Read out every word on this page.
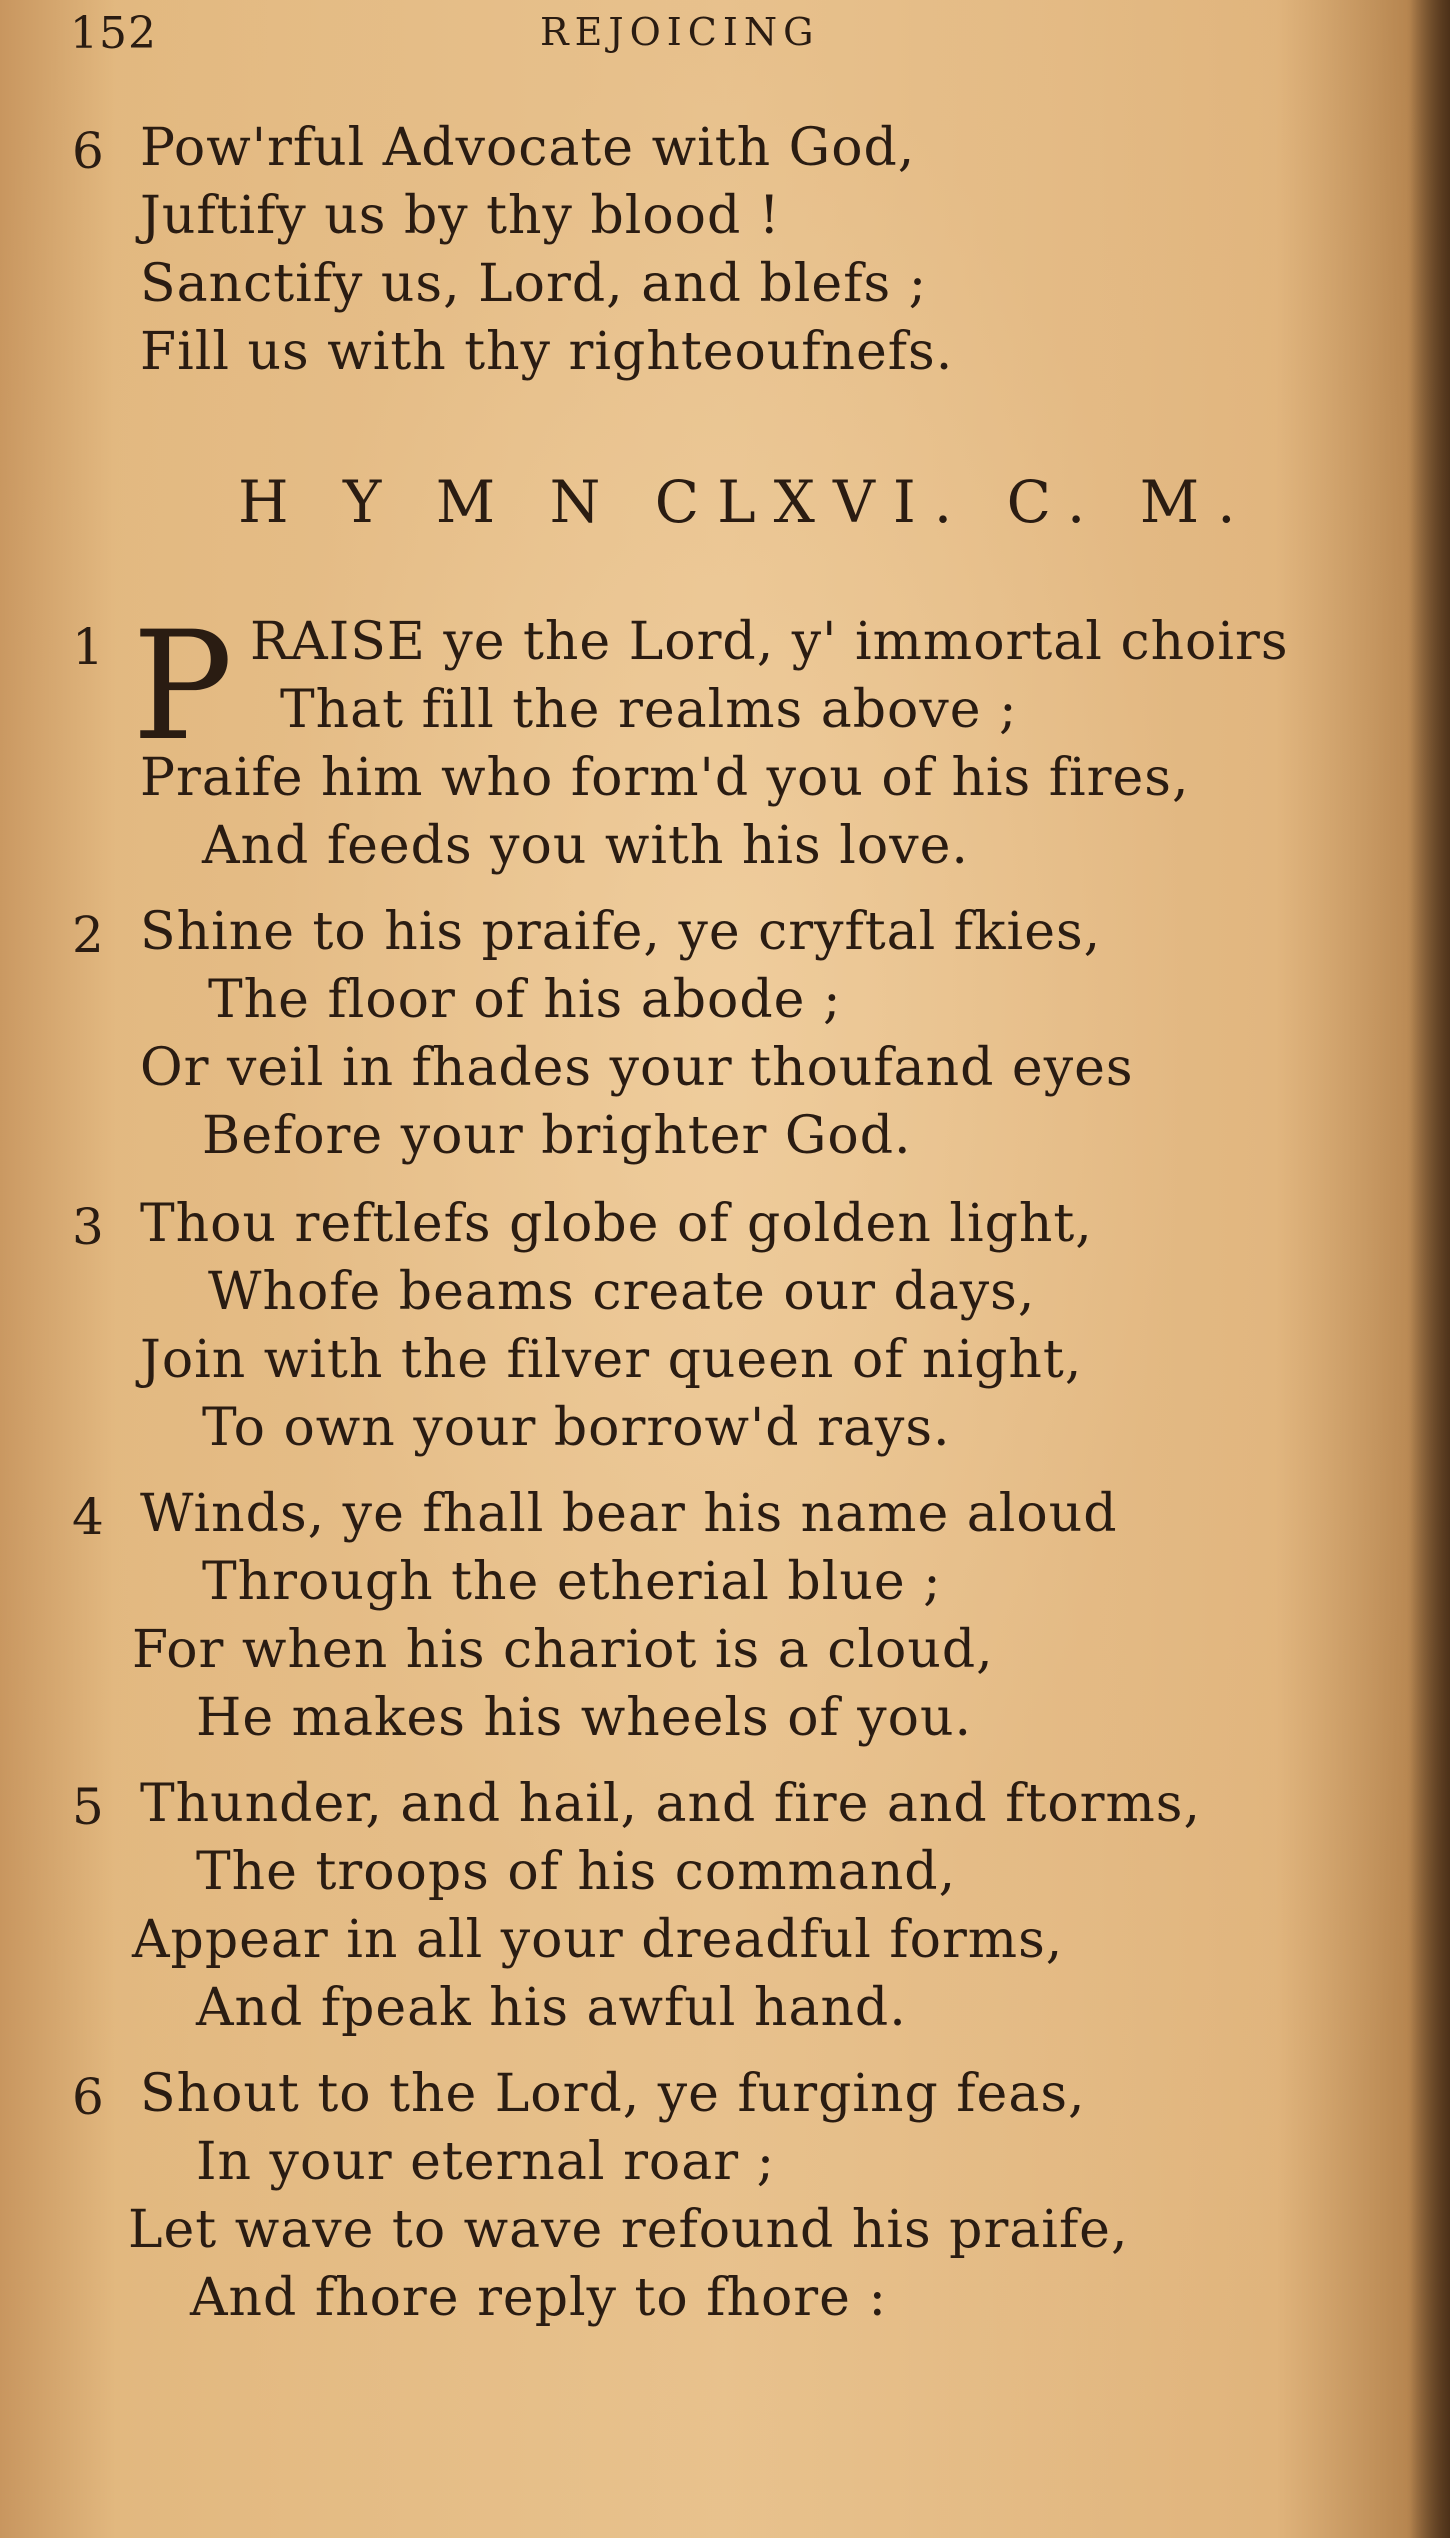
152	REJOICING
6 Pow'rful Advocate with God,
Juftify us by thy blood !
Sanctify us, Lord, and blefs ;
Fill us with thy righteoufnefs.
H Y M N CLXVI. C. M.
1 P RAISE ye the Lord, y' immortal choirs
That fill the realms above ;
Praife him who form'd you of his fires,
And feeds you with his love.
2 Shine to his praife, ye cryftal fkies,
The floor of his abode ;
Or veil in fhades your thoufand eyes
Before your brighter God.
3 Thou reftlefs globe of golden light,
Whofe beams create our days,
Join with the filver queen of night,
To own your borrow'd rays.
4 Winds, ye fhall bear his name aloud
Through the etherial blue ;
For when his chariot is a cloud,
He makes his wheels of you.
5 Thunder, and hail, and fire and ftorms,
The troops of his command,
Appear in all your dreadful forms,
And fpeak his awful hand.
6 Shout to the Lord, ye furging feas,
In your eternal roar ;
Let wave to wave refound his praife,
And fhore reply to fhore :
